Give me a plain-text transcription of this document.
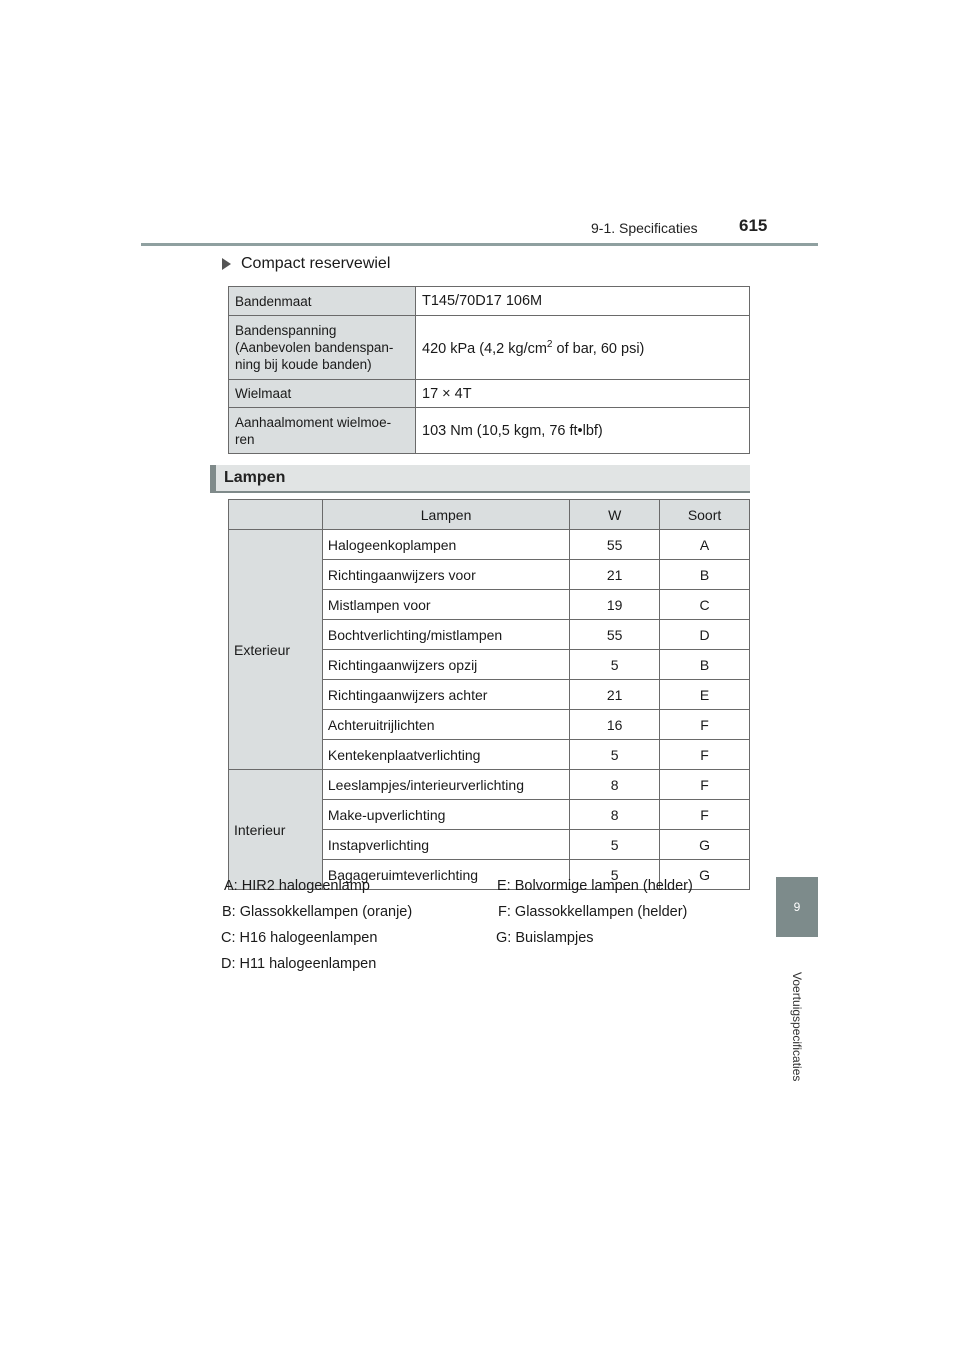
9-1. Specificaties 615
Compact reservewiel
Bandenmaat	T145/70D17 106M
Bandenspanning
(Aanbevolen bandenspan-
ning bij koude banden)	420 kPa (4,2 $kg/cm^2$ of bar, 60 psi)
Wielmaat	17 × 4T
Aanhaalmoment wielmoe-
ren	103 Nm (10,5 kgm, 76 ft•lbf)
Lampen
	Lampen	W	Soort
Exterieur	Halogeenkoplampen	55	A
	Richtingaanwijzers voor	21	B
	Mistlampen voor	19	C
	Bochtverlichting/mistlampen	55	D
	Richtingaanwijzers opzij	5	B
	Richtingaanwijzers achter	21	E
	Achteruitrijlichten	16	F
	Kentekenplaatverlichting	5	F
Interieur	Leeslampjes/interieurverlichting	8	F
	Make-upverlichting	8	F
	Instapverlichting	5	G
	Bagageruimteverlichting	5	G
A: HIR2 halogeenlamp
B: Glassokkellampen (oranje)
C: H16 halogeenlampen
D: H11 halogeenlampen
E: Bolvormige lampen (helder)
F: Glassokkellampen (helder)
G: Buislampjes
9
Voertuigspecificaties
